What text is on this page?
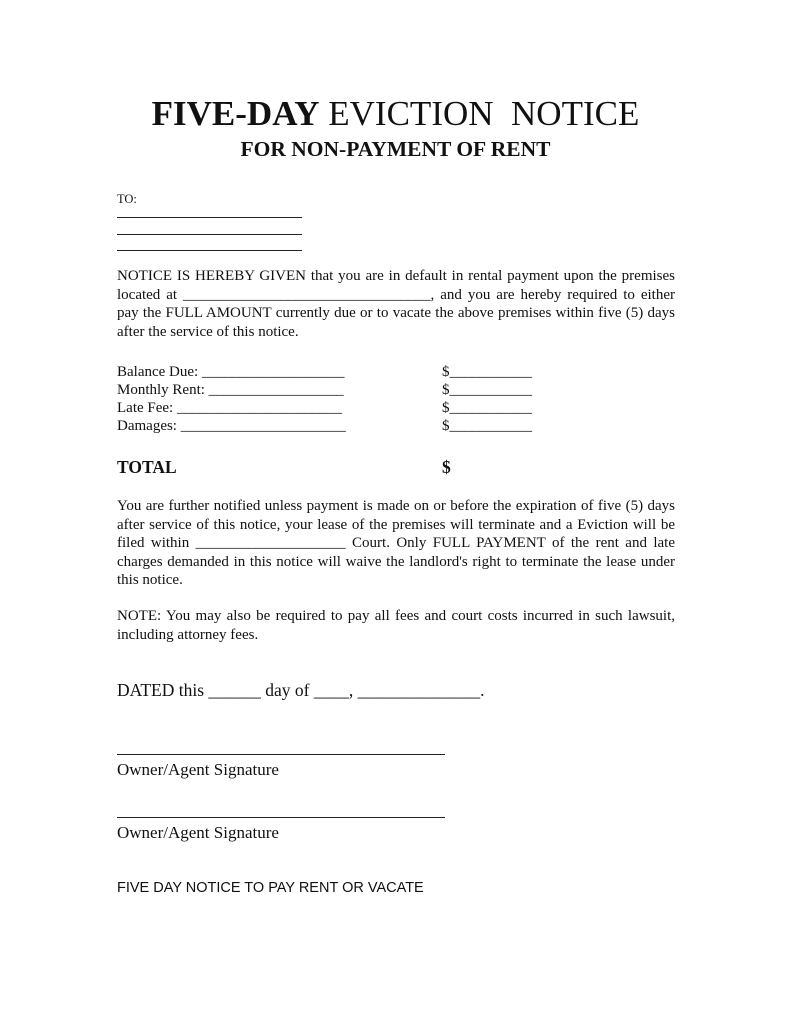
FIVE-DAY EVICTION  NOTICE
FOR NON-PAYMENT OF RENT
TO:

NOTICE IS HEREBY GIVEN that you are in default in rental payment upon the premises located at _________________________________, and you are hereby required to either pay the FULL AMOUNT currently due or to vacate the above premises within five (5) days after the service of this notice.

Balance Due: ___________________	$___________
Monthly Rent: __________________	$___________
Late Fee: ______________________	$___________
Damages: ______________________	$___________
TOTAL	$

You are further notified unless payment is made on or before the expiration of five (5) days after service of this notice, your lease of the premises will terminate and a Eviction will be filed within ____________________ Court. Only FULL PAYMENT of the rent and late charges demanded in this notice will waive the landlord's right to terminate the lease under this notice.

NOTE: You may also be required to pay all fees and court costs incurred in such lawsuit, including attorney fees.

DATED this ______ day of ____, ______________.
Owner/Agent Signature
Owner/Agent Signature
FIVE DAY NOTICE TO PAY RENT OR VACATE
